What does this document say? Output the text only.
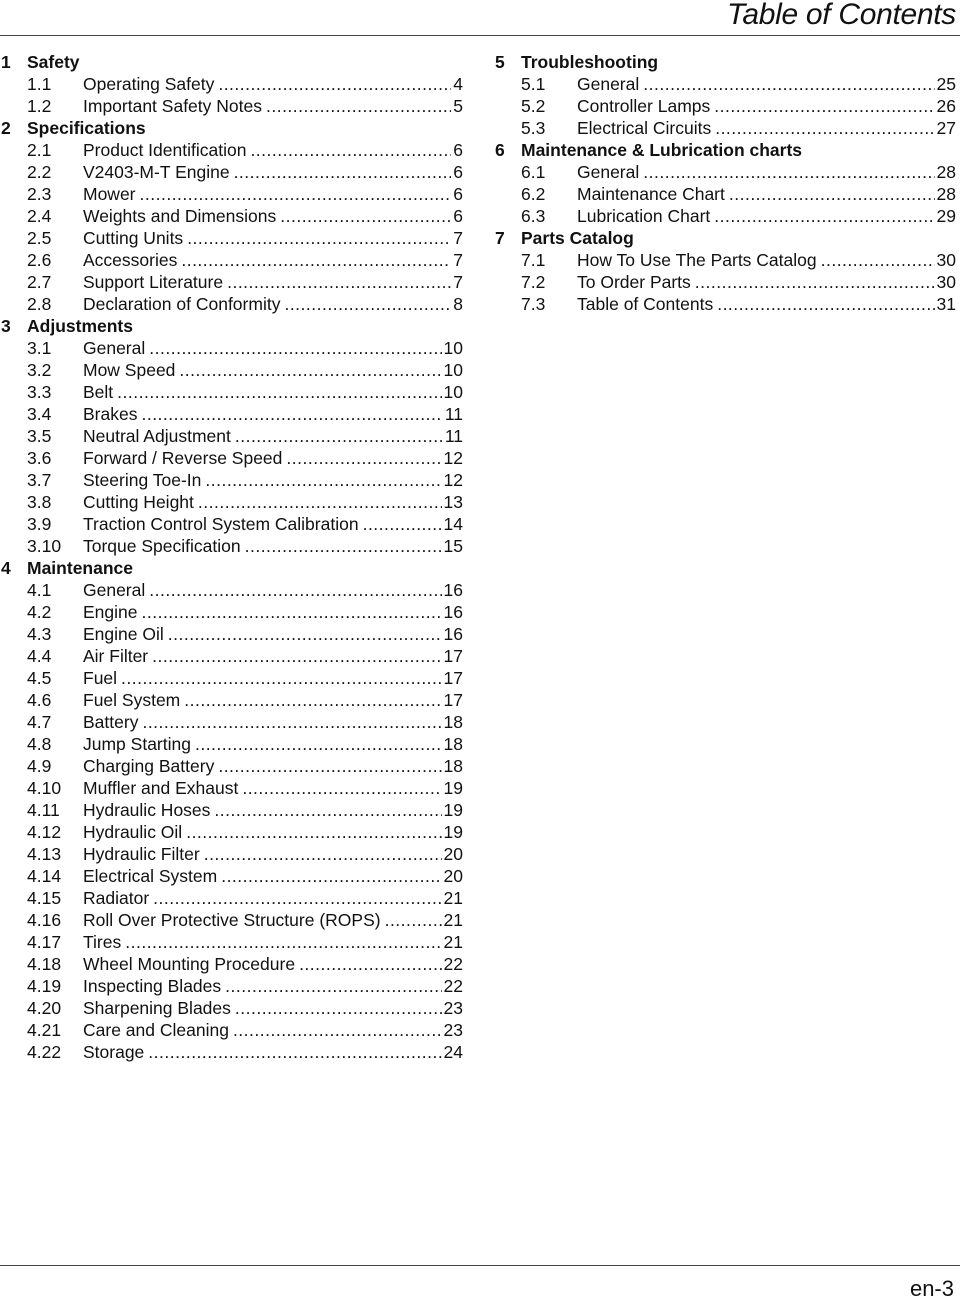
Table of Contents
1 Safety
1.1	Operating Safety .....	4
1.2	Important Safety Notes .....	5
2 Specifications
2.1	Product Identification .....	6
2.2	V2403-M-T Engine .....	6
2.3	Mower .....	6
2.4	Weights and Dimensions .....	6
2.5	Cutting Units .....	7
2.6	Accessories .....	7
2.7	Support Literature .....	7
2.8	Declaration of Conformity .....	8
3 Adjustments
3.1	General .....	10
3.2	Mow Speed .....	10
3.3	Belt .....	10
3.4	Brakes .....	11
3.5	Neutral Adjustment .....	11
3.6	Forward / Reverse Speed .....	12
3.7	Steering Toe-In .....	12
3.8	Cutting Height .....	13
3.9	Traction Control System Calibration .....	14
3.10	Torque Specification .....	15
4 Maintenance
4.1	General .....	16
4.2	Engine .....	16
4.3	Engine Oil .....	16
4.4	Air Filter .....	17
4.5	Fuel .....	17
4.6	Fuel System .....	17
4.7	Battery .....	18
4.8	Jump Starting .....	18
4.9	Charging Battery .....	18
4.10	Muffler and Exhaust .....	19
4.11	Hydraulic Hoses .....	19
4.12	Hydraulic Oil .....	19
4.13	Hydraulic Filter .....	20
4.14	Electrical System .....	20
4.15	Radiator .....	21
4.16	Roll Over Protective Structure (ROPS) .....	21
4.17	Tires .....	21
4.18	Wheel Mounting Procedure .....	22
4.19	Inspecting Blades .....	22
4.20	Sharpening Blades .....	23
4.21	Care and Cleaning .....	23
4.22	Storage .....	24
5 Troubleshooting
5.1	General .....	25
5.2	Controller Lamps .....	26
5.3	Electrical Circuits .....	27
6 Maintenance & Lubrication charts
6.1	General .....	28
6.2	Maintenance Chart .....	28
6.3	Lubrication Chart .....	29
7 Parts Catalog
7.1	How To Use The Parts Catalog .....	30
7.2	To Order Parts .....	30
7.3	Table of Contents .....	31
en-3
